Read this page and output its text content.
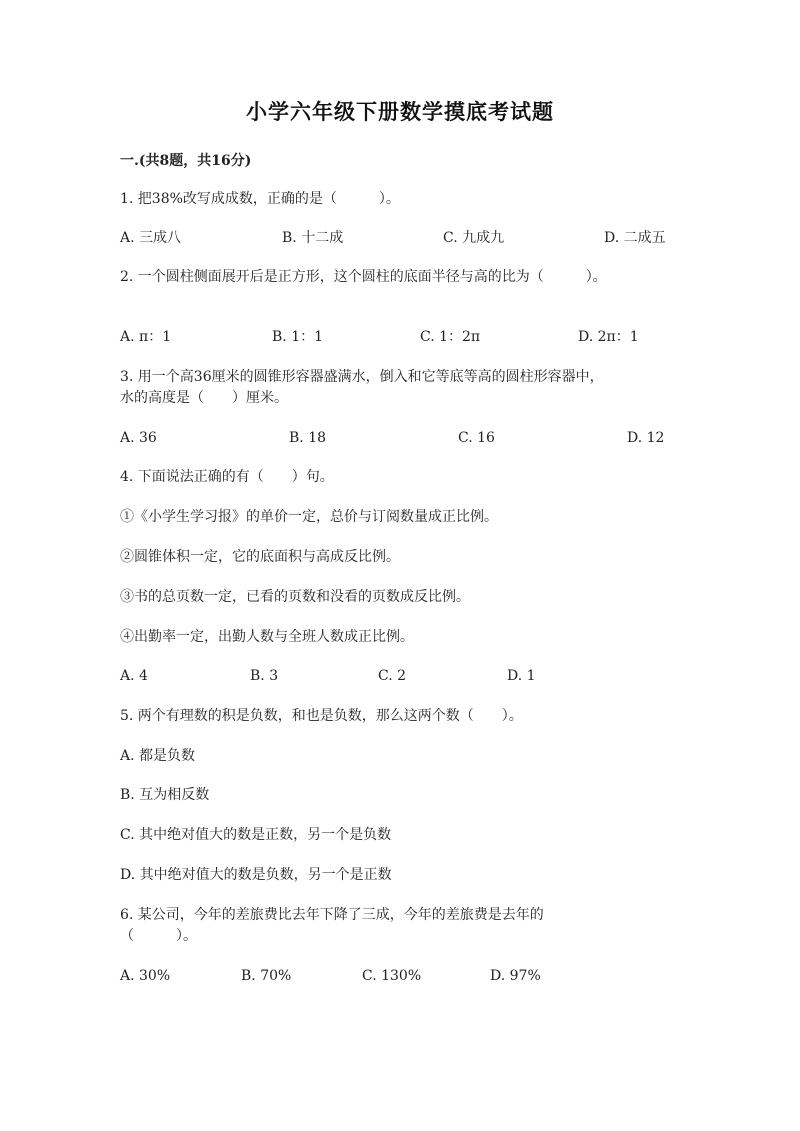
小学六年级下册数学摸底考试题
一.(共8题，共16分)
1. 把38%改写成成数，正确的是（　　　）。
A. 三成八	B. 十二成	C. 九成九	D. 二成五
2. 一个圆柱侧面展开后是正方形，这个圆柱的底面半径与高的比为（　　　）。
A. π：1	B. 1：1	C. 1：2π	D. 2π：1
3. 用一个高36厘米的圆锥形容器盛满水，倒入和它等底等高的圆柱形容器中，
水的高度是（　　）厘米。
A. 36	B. 18	C. 16	D. 12
4. 下面说法正确的有（　　）句。
①《小学生学习报》的单价一定，总价与订阅数量成正比例。
②圆锥体积一定，它的底面积与高成反比例。
③书的总页数一定，已看的页数和没看的页数成反比例。
④出勤率一定，出勤人数与全班人数成正比例。
A. 4	B. 3	C. 2	D. 1
5. 两个有理数的积是负数，和也是负数，那么这两个数（　　）。
A. 都是负数
B. 互为相反数
C. 其中绝对值大的数是正数，另一个是负数
D. 其中绝对值大的数是负数，另一个是正数
6. 某公司，今年的差旅费比去年下降了三成，今年的差旅费是去年的
（　　　）。
A. 30%	B. 70%	C. 130%	D. 97%
